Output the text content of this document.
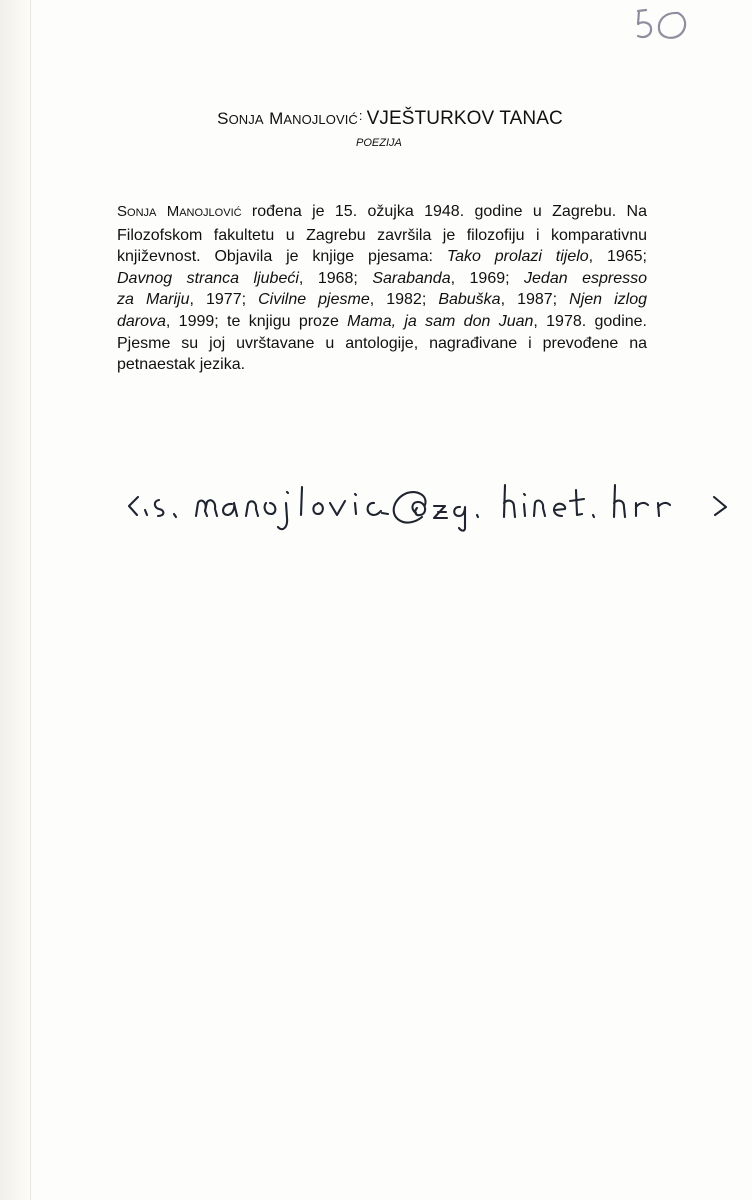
SONJA MANOJLOVIĆ: VJEŠTURKOV TANAC
POEZIJA
SONJA MANOJLOVIĆ rođena je 15. ožujka 1948. godine u Zagrebu. Na
Filozofskom fakultetu u Zagrebu završila je filozofiju i komparativnu
književnost. Objavila je knjige pjesama: Tako prolazi tijelo, 1965;
Davnog stranca ljubeći, 1968; Sarabanda, 1969; Jedan espresso
za Mariju, 1977; Civilne pjesme, 1982; Babuška, 1987; Njen izlog
darova, 1999; te knjigu proze Mama, ja sam don Juan, 1978. godine.
Pjesme su joj uvrštavane u antologije, nagrađivane i prevođene na
petnaestak jezika.
